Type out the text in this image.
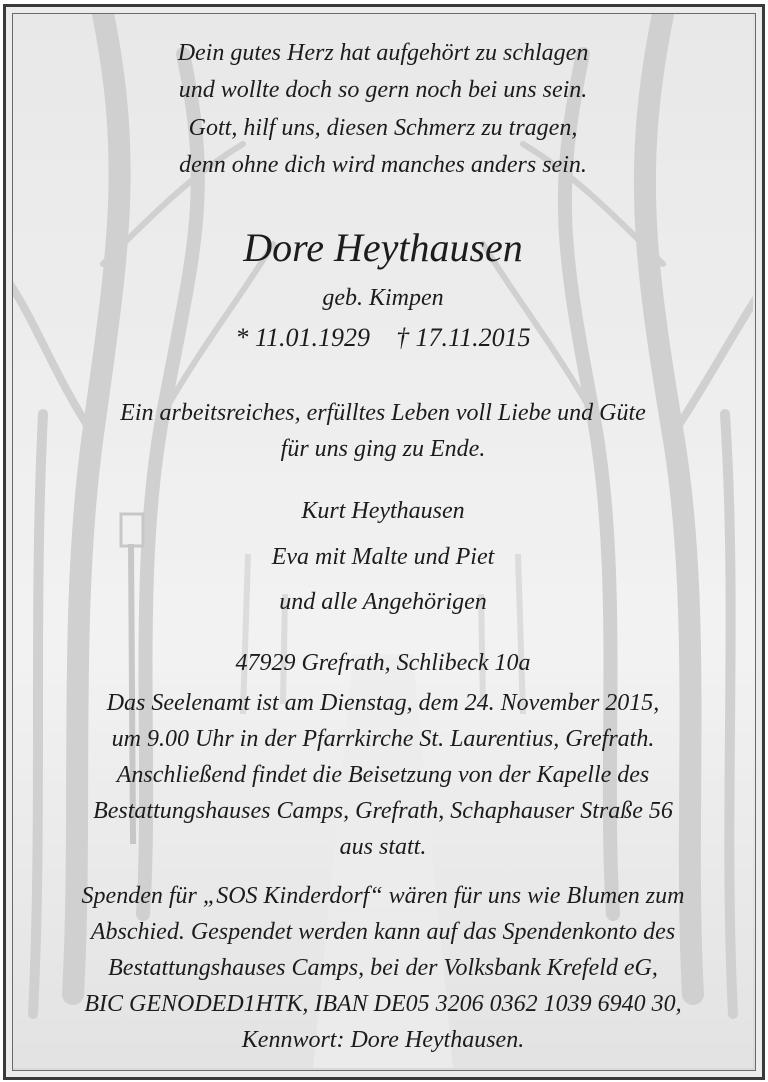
Dein gutes Herz hat aufgehört zu schlagen
und wollte doch so gern noch bei uns sein.
Gott, hilf uns, diesen Schmerz zu tragen,
denn ohne dich wird manches anders sein.
Dore Heythausen
geb. Kimpen
* 11.01.1929 † 17.11.2015
Ein arbeitsreiches, erfülltes Leben voll Liebe und Güte
für uns ging zu Ende.
Kurt Heythausen
Eva mit Malte und Piet
und alle Angehörigen
47929 Grefrath, Schlibeck 10a
Das Seelenamt ist am Dienstag, dem 24. November 2015,
um 9.00 Uhr in der Pfarrkirche St. Laurentius, Grefrath.
Anschließend findet die Beisetzung von der Kapelle des
Bestattungshauses Camps, Grefrath, Schaphauser Straße 56
aus statt.
Spenden für „SOS Kinderdorf“ wären für uns wie Blumen zum
Abschied. Gespendet werden kann auf das Spendenkonto des
Bestattungshauses Camps, bei der Volksbank Krefeld eG,
BIC GENODED1HTK, IBAN DE05 3206 0362 1039 6940 30,
Kennwort: Dore Heythausen.
